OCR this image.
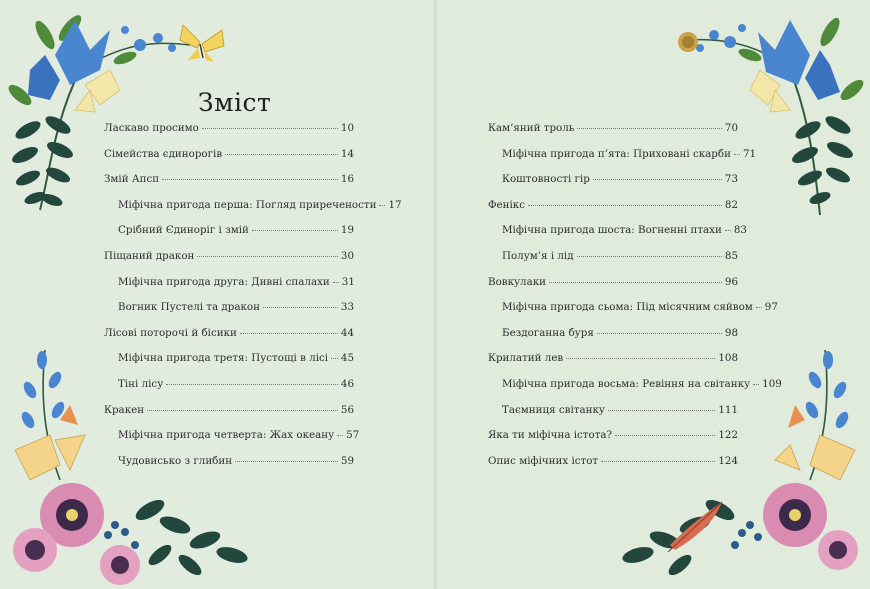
Зміст
Ласкаво просимо	10
Сімейства єдинорогів	14
Змій Апсп	16
Міфічна пригода перша: Погляд приречености 17
Срібний Єдиноріг і змій	19
Піщаний дракон	30
Міфічна пригода друга: Дивні спалахи 31
Вогник Пустелі та дракон	33
Лісові поторочі й бісики	44
Міфічна пригода третя: Пустощі в лісі 45
Тіні лісу	46
Кракен	56
Міфічна пригода четверта: Жах океану 57
Чудовисько з глибин	59
Кам’яний троль	70
Міфічна пригода п’ята: Приховані скарби 71
Коштовності гір	73
Фенікс	82
Міфічна пригода шоста: Вогненні птахи 83
Полум’я і лід	85
Вовкулаки	96
Міфічна пригода сьома: Під місячним сяйвом 97
Бездоганна буря	98
Крилатий лев	108
Міфічна пригода восьма: Ревіння на світанку 109
Таємниця світанку	111
Яка ти міфічна істота?	122
Опис міфічних істот	124
